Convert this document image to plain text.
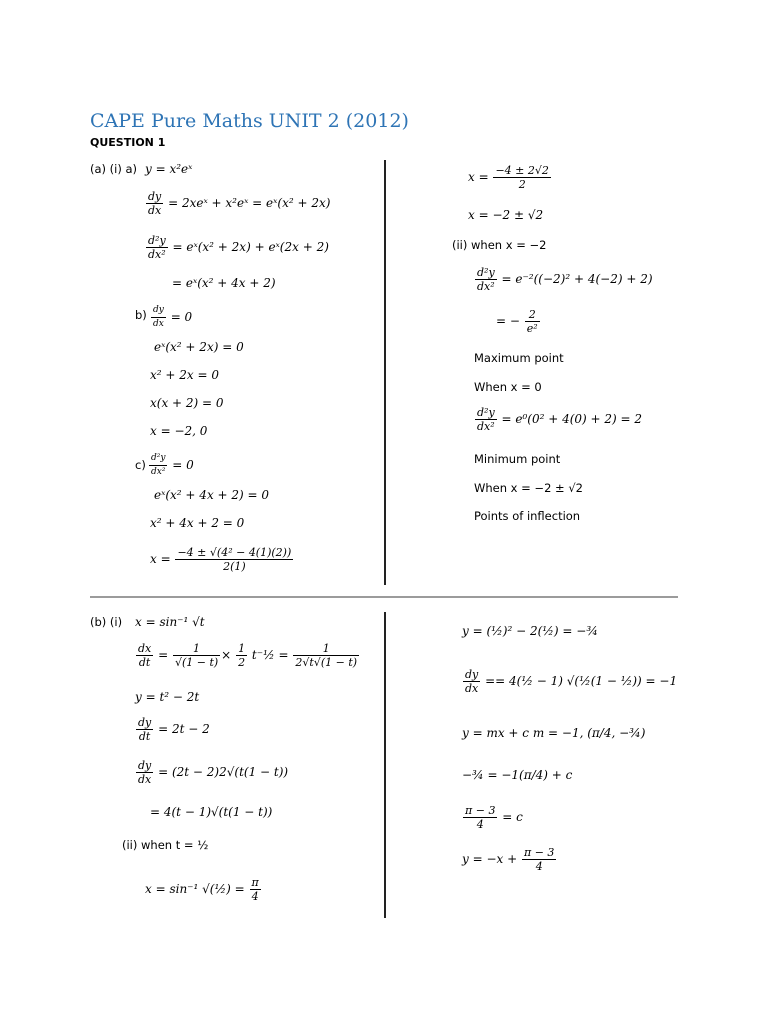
CAPE Pure Maths UNIT 2 (2012)
QUESTION 1
(a) (i) a) y = x²eˣ
$\frac{dy}{dx}$ = 2xeˣ + x²eˣ = eˣ(x² + 2x)
$\frac{\text{d²y}}{\text{dx²}}$ = eˣ(x² + 2x) + eˣ(2x + 2)
= eˣ(x² + 4x + 2)
$b) \frac{dy}{dx} = 0$
eˣ(x² + 2x) = 0
x² + 2x = 0
x(x + 2) = 0
x = −2, 0
$c) \frac{\text{d²y}}{\text{dx²}} = 0$
eˣ(x² + 4x + 2) = 0
x² + 4x + 2 = 0
$x = \frac{\text{−4 ± √(4² − 4(1)(2))}}{2(1)}$
$x = \frac{-4 \pm 2√2}{2}$
x = −2 ± √2
(ii) when x = −2
$\frac{\text{d²y}}{\text{dx²}} = e^{-2}((-2)^2 + 4(-2) + 2)$
= − $\frac{2}{\text{e²}}$
Maximum point
When x = 0
$\frac{\text{d²y}}{\text{dx²}} = e^0(0^2 + 4(0) + 2) = 2$
Minimum point
When x = −2 ± √2
Points of inflection
(b) (i) x = sin⁻¹ √t
$\frac{dx}{dt} = \frac{1}{√(1 - t)} \times \frac{1}{2}$ t⁻½ = $\frac{1}{2√t√(1 - t)}$
y = t² − 2t
$\frac{dy}{dt} = 2t - 2$
$\frac{dy}{dx} = (2t - 2)2√(t(1 - t))$
= 4(t − 1)√(t(1 − t))
(ii) when t = ½
x = sin⁻¹ √(½) = $\frac{\pi}{4}$
y = (½)² − 2(½) = −¾
$\frac{dy}{dx}$ == 4(½ − 1) √(½(1 − ½)) = −1
y = mx + c m = −1, (π/4, −¾)
−¾ = −1(π/4) + c
$\frac{\pi - 3}{4} = c$
$y = -x + \frac{\pi - 3}{4}$
